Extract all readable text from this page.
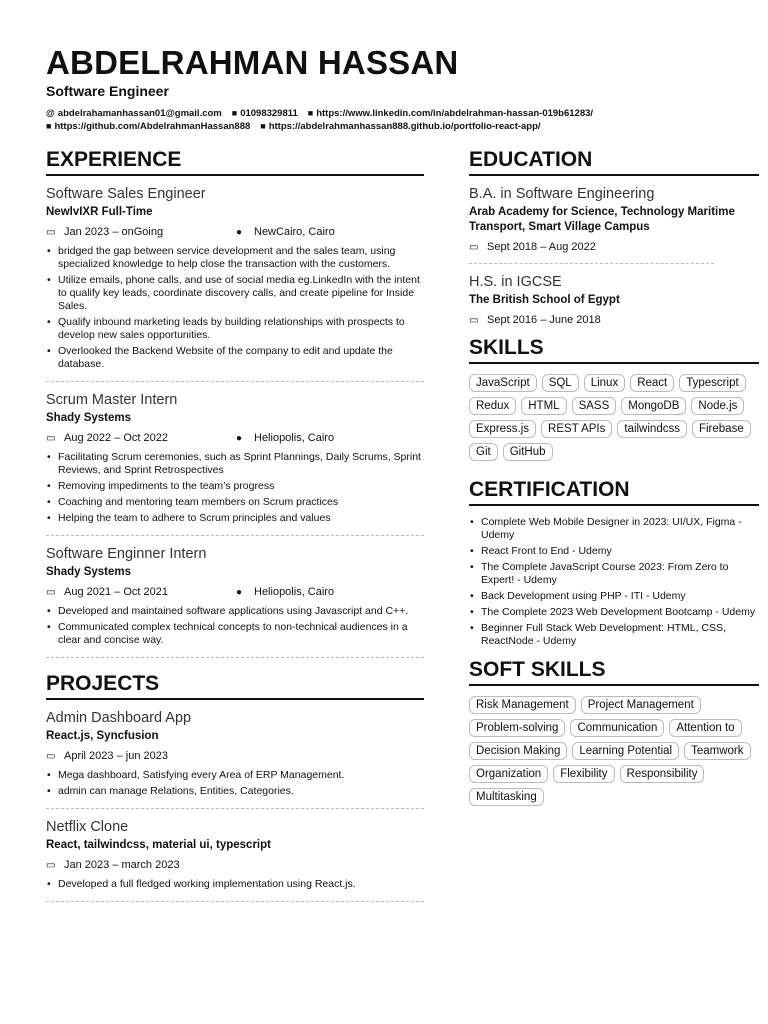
ABDELRAHMAN HASSAN
Software Engineer
@ abdelrahamanhassan01@gmail.com ■ 01098329811 ■ https://www.linkedin.com/in/abdelrahman-hassan-019b61283/
■ https://github.com/AbdelrahmanHassan888 ■ https://abdelrahmanhassan888.github.io/portfolio-react-app/
EXPERIENCE
Software Sales Engineer
NewlvIXR Full-Time
▭ Jan 2023 – onGoing	● NewCairo, Cairo
• bridged the gap between service development and the sales team, using specialized knowledge to help close the transaction with the customers.
• Utilize emails, phone calls, and use of social media eg.LinkedIn with the intent to qualify key leads, coordinate discovery calls, and create pipeline for Inside Sales.
• Qualify inbound marketing leads by building relationships with prospects to develop new sales opportunities.
• Overlooked the Backend Website of the company to edit and update the database.
Scrum Master Intern
Shady Systems
▭ Aug 2022 – Oct 2022	● Heliopolis, Cairo
• Facilitating Scrum ceremonies, such as Sprint Plannings, Daily Scrums, Sprint Reviews, and Sprint Retrospectives
• Removing impediments to the team’s progress
• Coaching and mentoring team members on Scrum practices
• Helping the team to adhere to Scrum principles and values
Software Enginner Intern
Shady Systems
▭ Aug 2021 – Oct 2021	● Heliopolis, Cairo
• Developed and maintained software applications using Javascript and C++.
• Communicated complex technical concepts to non-technical audiences in a clear and concise way.
PROJECTS
Admin Dashboard App
React.js, Syncfusion
▭ April 2023 – jun 2023
• Mega dashboard, Satisfying every Area of ERP Management.
• admin can manage Relations, Entities, Categories.
Netflix Clone
React, tailwindcss, material ui, typescript
▭ Jan 2023 – march 2023
• Developed a full fledged working implementation using React.js.
EDUCATION
B.A. in Software Engineering
Arab Academy for Science, Technology Maritime Transport, Smart Village Campus
▭ Sept 2018 – Aug 2022
H.S. in IGCSE
The British School of Egypt
▭ Sept 2016 – June 2018
SKILLS
JavaScript	SQL	Linux	React	Typescript
Redux	HTML	SASS	MongoDB	Node.js
Express.js	REST APIs	tailwindcss	Firebase
Git	GitHub
CERTIFICATION
• Complete Web Mobile Designer in 2023: UI/UX, Figma - Udemy
• React Front to End - Udemy
• The Complete JavaScript Course 2023: From Zero to Expert! - Udemy
• Back Development using PHP - ITI - Udemy
• The Complete 2023 Web Development Bootcamp - Udemy
• Beginner Full Stack Web Development: HTML, CSS, ReactNode - Udemy
SOFT SKILLS
Risk Management	Project Management
Problem-solving	Communication	Attention to
Decision Making	Learning Potential	Teamwork
Organization	Flexibility	Responsibility
Multitasking
